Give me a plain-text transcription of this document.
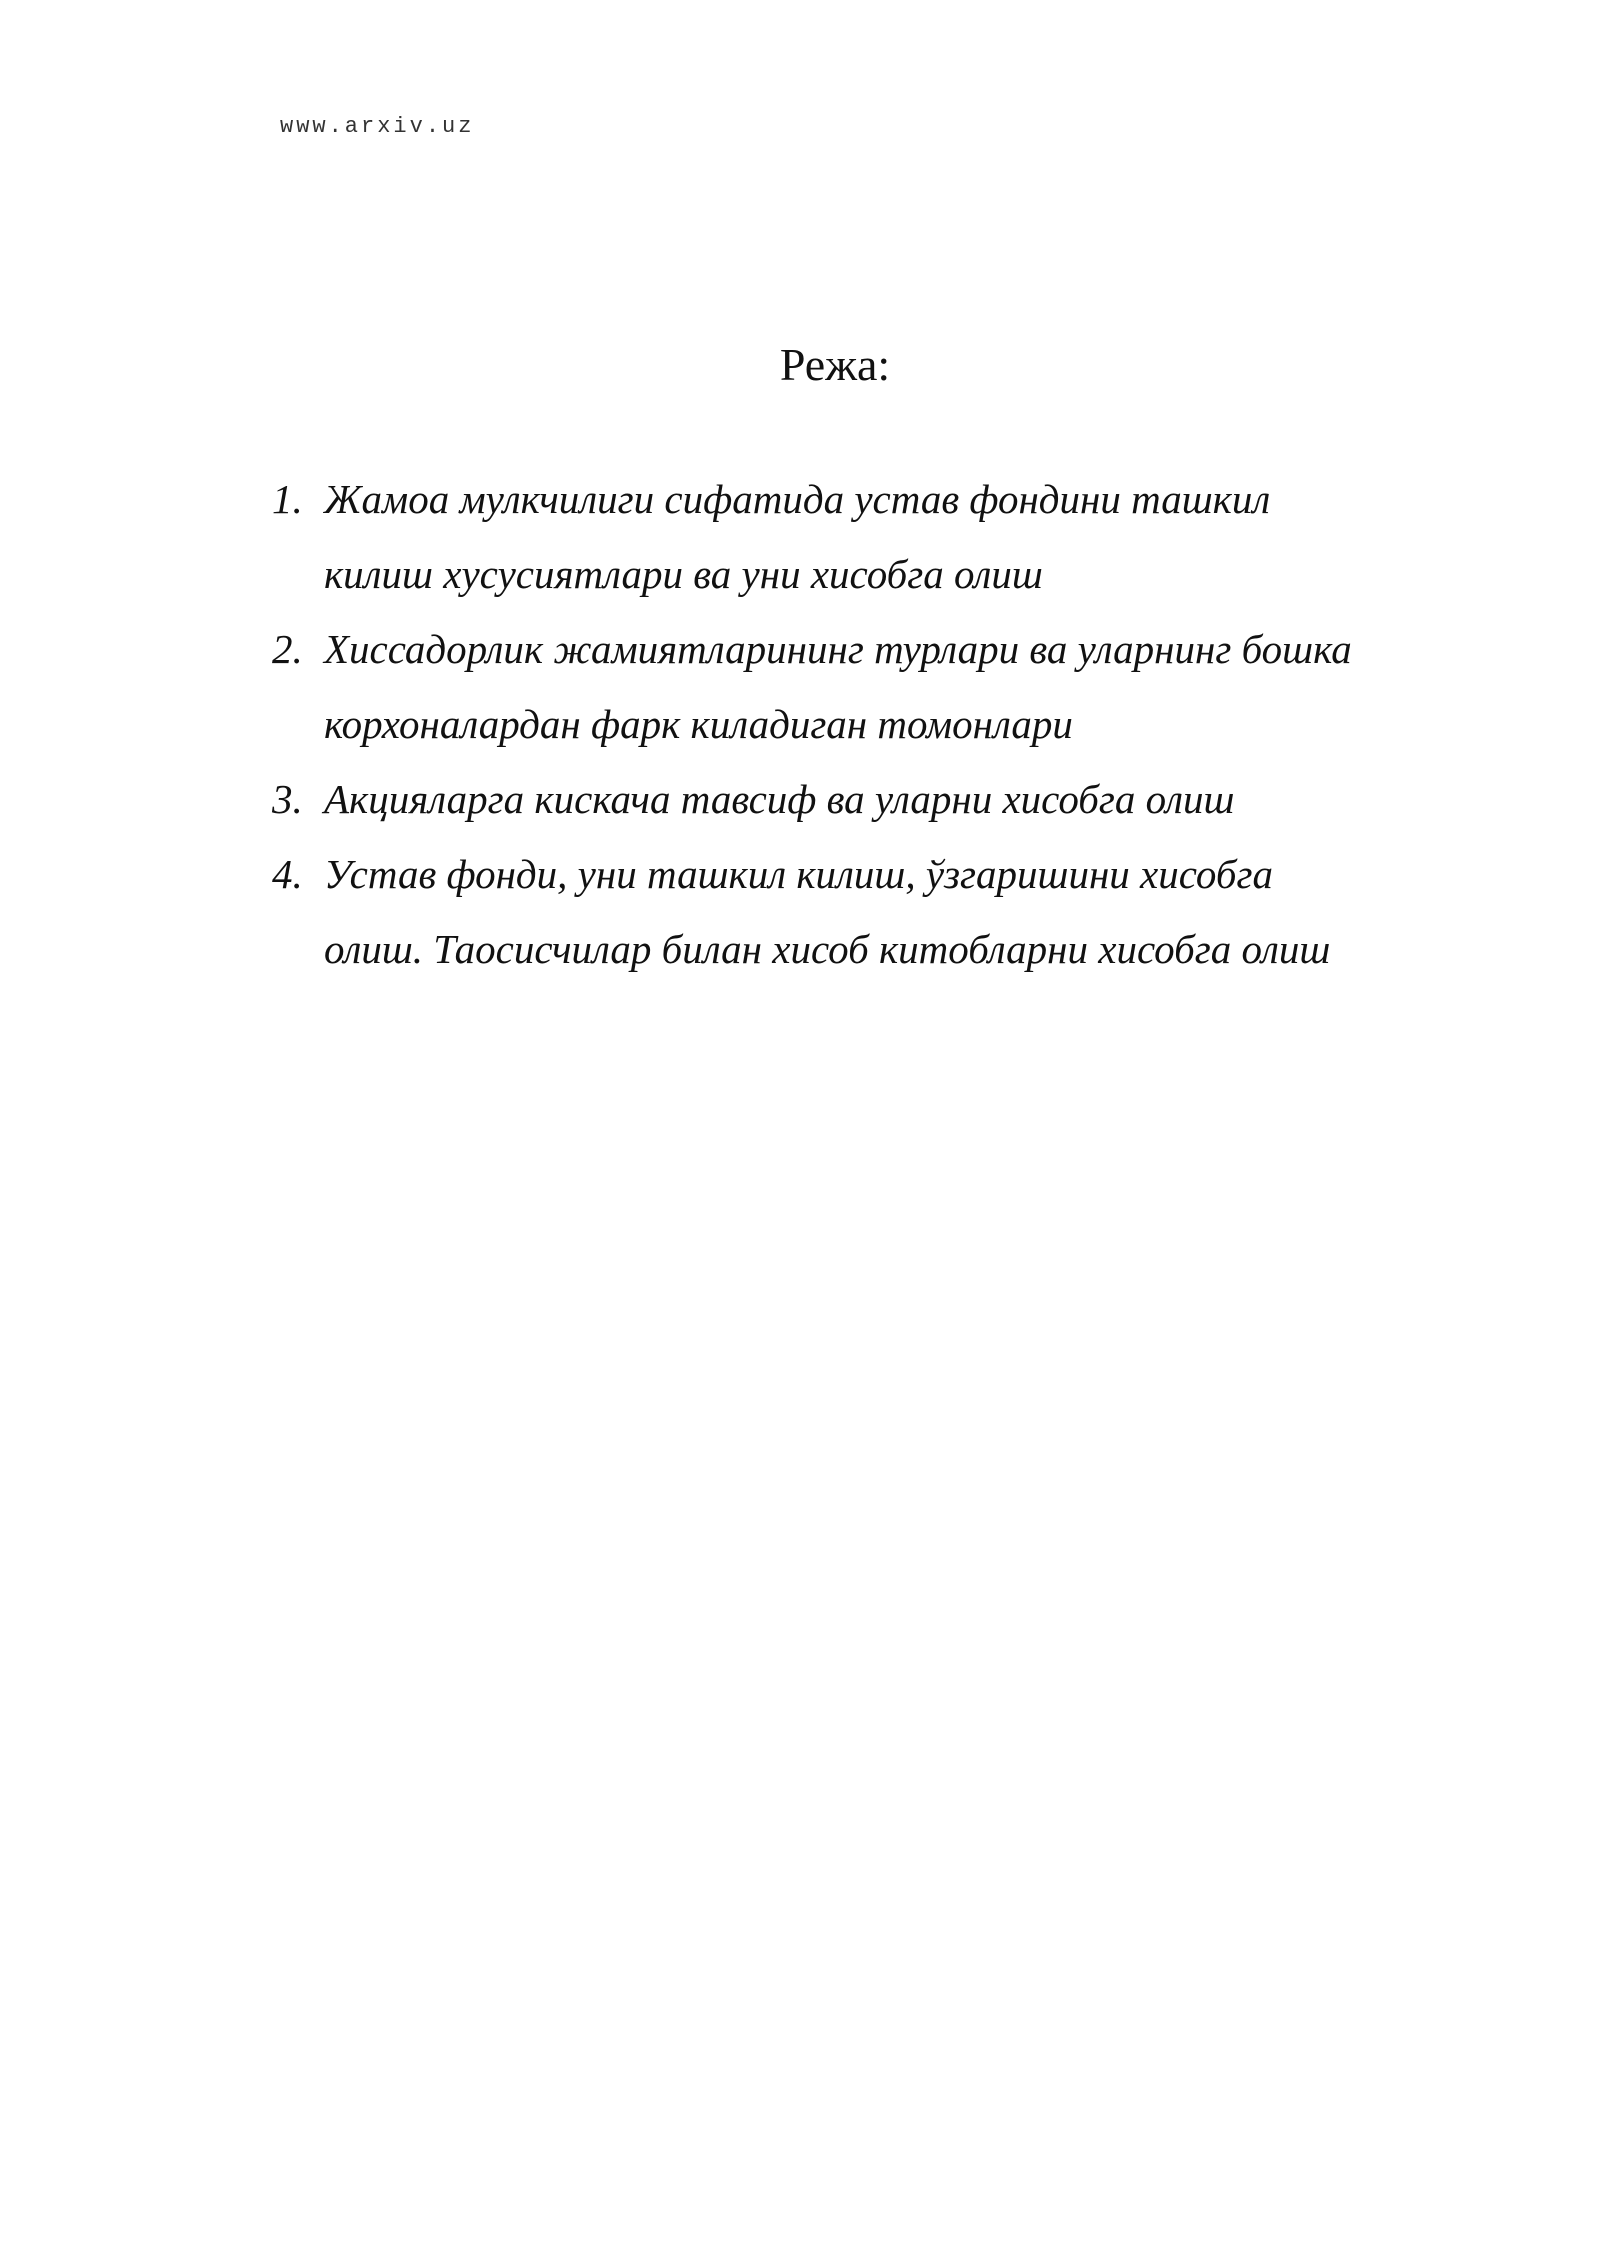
www.arxiv.uz
Режа:
1. Жамоа мулкчилиги сифатида устав фондини ташкил
килиш хусусиятлари ва уни хисобга олиш
2. Хиссадорлик жамиятларининг турлари ва уларнинг бошка
корхоналардан фарк киладиган томонлари
3. Акцияларга кискача тавсиф ва уларни хисобга олиш
4. Устав фонди, уни ташкил килиш, ўзгаришини хисобга
олиш. Таосисчилар билан хисоб китобларни хисобга олиш
